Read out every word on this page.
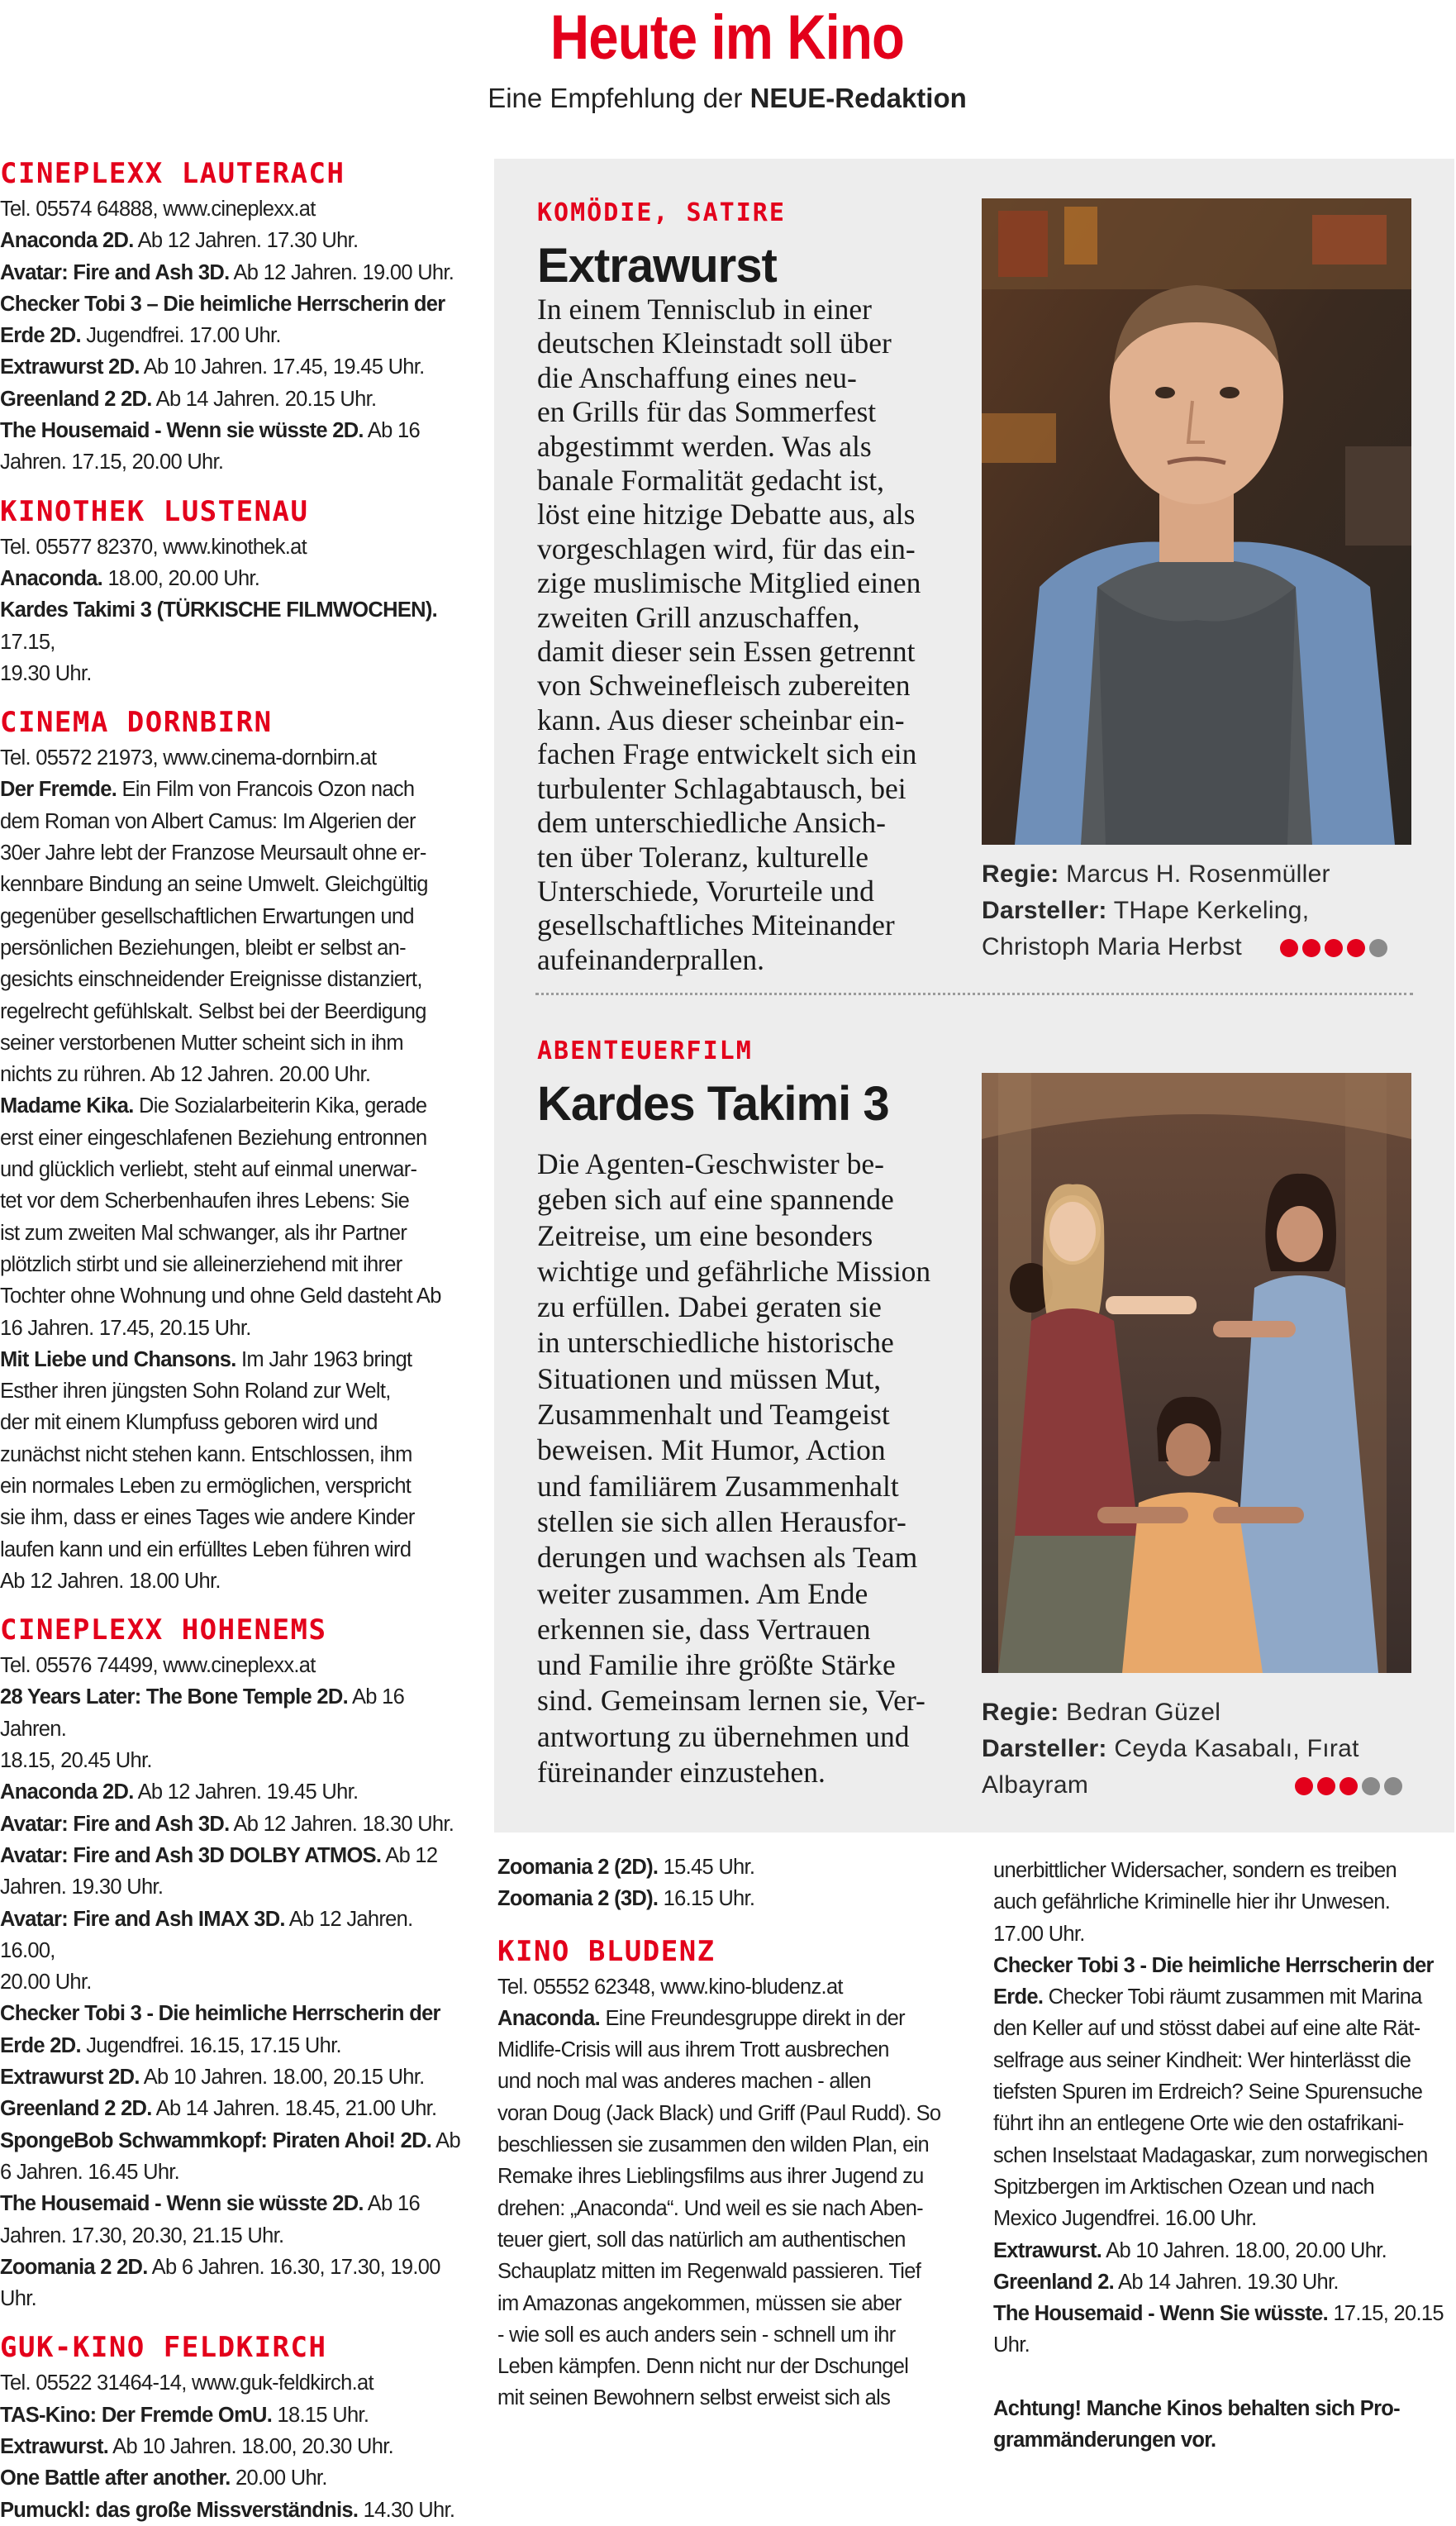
Heute im Kino
Eine Empfehlung der NEUE-Redaktion
CINEPLEXX LAUTERACH

Tel. 05574 64888, www.cineplexx.at

Anaconda 2D. Ab 12 Jahren. 17.30 Uhr.

Avatar: Fire and Ash 3D. Ab 12 Jahren. 19.00 Uhr.

Checker Tobi 3 – Die heimliche Herrscherin der

Erde 2D. Jugendfrei. 17.00 Uhr.

Extrawurst 2D. Ab 10 Jahren. 17.45, 19.45 Uhr.

Greenland 2 2D. Ab 14 Jahren. 20.15 Uhr.

The Housemaid - Wenn sie wüsste 2D. Ab 16

Jahren. 17.15, 20.00 Uhr.

KINOTHEK LUSTENAU

Tel. 05577 82370, www.kinothek.at

Anaconda. 18.00, 20.00 Uhr.

Kardes Takimi 3 (TÜRKISCHE FILMWOCHEN). 17.15,

19.30 Uhr.

CINEMA DORNBIRN

Tel. 05572 21973, www.cinema-dornbirn.at

Der Fremde. Ein Film von Francois Ozon nach

dem Roman von Albert Camus: Im Algerien der

30er Jahre lebt der Franzose Meursault ohne er-

kennbare Bindung an seine Umwelt. Gleichgültig

gegenüber gesellschaftlichen Erwartungen und

persönlichen Beziehungen, bleibt er selbst an-

gesichts einschneidender Ereignisse distanziert,

regelrecht gefühlskalt. Selbst bei der Beerdigung

seiner verstorbenen Mutter scheint sich in ihm

nichts zu rühren. Ab 12 Jahren. 20.00 Uhr.

Madame Kika. Die Sozialarbeiterin Kika, gerade

erst einer eingeschlafenen Beziehung entronnen

und glücklich verliebt, steht auf einmal unerwar-

tet vor dem Scherbenhaufen ihres Lebens: Sie

ist zum zweiten Mal schwanger, als ihr Partner

plötzlich stirbt und sie alleinerziehend mit ihrer

Tochter ohne Wohnung und ohne Geld dasteht Ab

16 Jahren. 17.45, 20.15 Uhr.

Mit Liebe und Chansons. Im Jahr 1963 bringt

Esther ihren jüngsten Sohn Roland zur Welt,

der mit einem Klumpfuss geboren wird und

zunächst nicht stehen kann. Entschlossen, ihm

ein normales Leben zu ermöglichen, verspricht

sie ihm, dass er eines Tages wie andere Kinder

laufen kann und ein erfülltes Leben führen wird

Ab 12 Jahren. 18.00 Uhr.

CINEPLEXX HOHENEMS

Tel. 05576 74499, www.cineplexx.at

28 Years Later: The Bone Temple 2D. Ab 16 Jahren.

18.15, 20.45 Uhr.

Anaconda 2D. Ab 12 Jahren. 19.45 Uhr.

Avatar: Fire and Ash 3D. Ab 12 Jahren. 18.30 Uhr.

Avatar: Fire and Ash 3D DOLBY ATMOS. Ab 12

Jahren. 19.30 Uhr.

Avatar: Fire and Ash IMAX 3D. Ab 12 Jahren. 16.00,

20.00 Uhr.

Checker Tobi 3 - Die heimliche Herrscherin der

Erde 2D. Jugendfrei. 16.15, 17.15 Uhr.

Extrawurst 2D. Ab 10 Jahren. 18.00, 20.15 Uhr.

Greenland 2 2D. Ab 14 Jahren. 18.45, 21.00 Uhr.

SpongeBob Schwammkopf: Piraten Ahoi! 2D. Ab

6 Jahren. 16.45 Uhr.

The Housemaid - Wenn sie wüsste 2D. Ab 16

Jahren. 17.30, 20.30, 21.15 Uhr.

Zoomania 2 2D. Ab 6 Jahren. 16.30, 17.30, 19.00 Uhr.

GUK-KINO FELDKIRCH

Tel. 05522 31464-14, www.guk-feldkirch.at

TAS-Kino: Der Fremde OmU. 18.15 Uhr.

Extrawurst. Ab 10 Jahren. 18.00, 20.30 Uhr.

One Battle after another. 20.00 Uhr.

Pumuckl: das große Missverständnis. 14.30 Uhr.

KOMÖDIE, SATIRE
Extrawurst
In einem Tennisclub in einer
deutschen Kleinstadt soll über
die Anschaffung eines neu-
en Grills für das Sommerfest
abgestimmt werden. Was als
banale Formalität gedacht ist,
löst eine hitzige Debatte aus, als
vorgeschlagen wird, für das ein-
zige muslimische Mitglied einen
zweiten Grill anzuschaffen,
damit dieser sein Essen getrennt
von Schweinefleisch zubereiten
kann. Aus dieser scheinbar ein-
fachen Frage entwickelt sich ein
turbulenter Schlagabtausch, bei
dem unterschiedliche Ansich-
ten über Toleranz, kulturelle
Unterschiede, Vorurteile und
gesellschaftliches Miteinander
aufeinanderprallen.
Regie: Marcus H. Rosenmüller
Darsteller: THape Kerkeling,
Christoph Maria Herbst
ABENTEUERFILM
Kardes Takimi 3
Die Agenten-Geschwister be-
geben sich auf eine spannende
Zeitreise, um eine besonders
wichtige und gefährliche Mission
zu erfüllen. Dabei geraten sie
in unterschiedliche historische
Situationen und müssen Mut,
Zusammenhalt und Teamgeist
beweisen. Mit Humor, Action
und familiärem Zusammenhalt
stellen sie sich allen Herausfor-
derungen und wachsen als Team
weiter zusammen. Am Ende
erkennen sie, dass Vertrauen
und Familie ihre größte Stärke
sind. Gemeinsam lernen sie, Ver-
antwortung zu übernehmen und
füreinander einzustehen.
Regie: Bedran Güzel
Darsteller: Ceyda Kasabalı, Fırat
Albayram

Zoomania 2 (2D). 15.45 Uhr.

Zoomania 2 (3D). 16.15 Uhr.

KINO BLUDENZ

Tel. 05552 62348, www.kino-bludenz.at

Anaconda. Eine Freundesgruppe direkt in der

Midlife-Crisis will aus ihrem Trott ausbrechen

und noch mal was anderes machen - allen

voran Doug (Jack Black) und Griff (Paul Rudd). So

beschliessen sie zusammen den wilden Plan, ein

Remake ihres Lieblingsfilms aus ihrer Jugend zu

drehen: „Anaconda“. Und weil es sie nach Aben-

teuer giert, soll das natürlich am authentischen

Schauplatz mitten im Regenwald passieren. Tief

im Amazonas angekommen, müssen sie aber

- wie soll es auch anders sein - schnell um ihr

Leben kämpfen. Denn nicht nur der Dschungel

mit seinen Bewohnern selbst erweist sich als

unerbittlicher Widersacher, sondern es treiben

auch gefährliche Kriminelle hier ihr Unwesen.

17.00 Uhr.

Checker Tobi 3 - Die heimliche Herrscherin der

Erde. Checker Tobi räumt zusammen mit Marina

den Keller auf und stösst dabei auf eine alte Rät-

selfrage aus seiner Kindheit: Wer hinterlässt die

tiefsten Spuren im Erdreich? Seine Spurensuche

führt ihn an entlegene Orte wie den ostafrikani-

schen Inselstaat Madagaskar, zum norwegischen

Spitzbergen im Arktischen Ozean und nach

Mexico Jugendfrei. 16.00 Uhr.

Extrawurst. Ab 10 Jahren. 18.00, 20.00 Uhr.

Greenland 2. Ab 14 Jahren. 19.30 Uhr.

The Housemaid - Wenn Sie wüsste. 17.15, 20.15 Uhr.

Achtung! Manche Kinos behalten sich Pro-

grammänderungen vor.
